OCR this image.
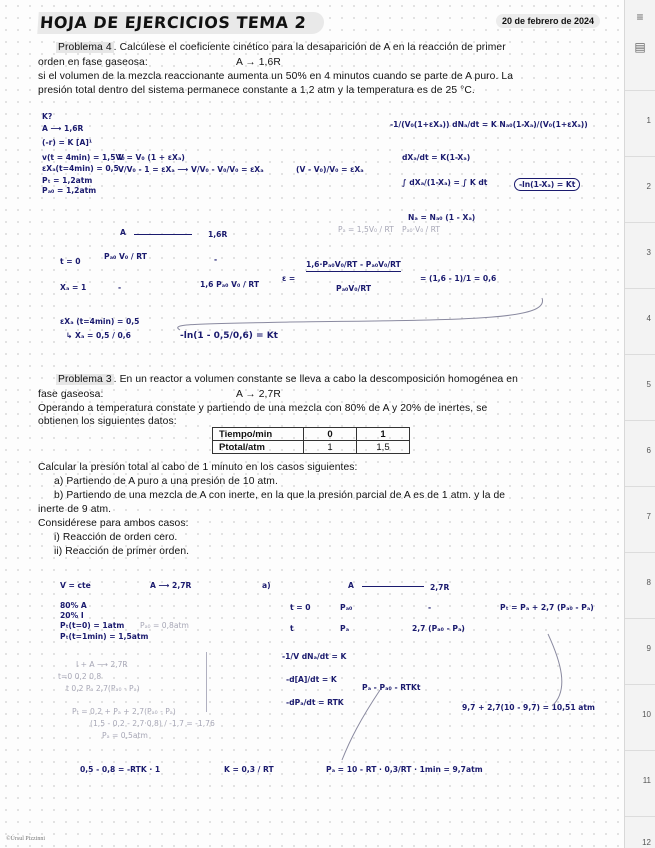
HOJA DE EJERCICIOS TEMA 2	20 de febrero de 2024
Problema 4 . Calcúlese el coeficiente cinético para la desaparición de A en la reacción de primer
orden en fase gaseosa:	A → 1,6R
si el volumen de la mezcla reaccionante aumenta un 50% en 4 minutos cuando se parte de A puro. La
presión total dentro del sistema permanece constante a 1,2 atm y la temperatura es de 25 °C.
K?
A ⟶ 1,6R
(-r) = K [A]¹
v(t = 4min) = 1,5V₀
εXₐ(t=4min) = 0,5
Pₜ = 1,2atm
Pₐ₀ = 1,2atm
V = V₀ (1 + εXₐ)
V/V₀ - 1 = εXₐ ⟶ V/V₀ - V₀/V₀ = εXₐ	(V - V₀)/V₀ = εXₐ
-1/(V₀(1+εXₐ)) dNₐ/dt = K Nₐ₀(1-Xₐ)/(V₀(1+εXₐ))
dXₐ/dt = K(1-Xₐ)
∫ dXₐ/(1-Xₐ) = ∫ K dt	-ln(1-Xₐ) = Kt
Nₐ = Nₐ₀ (1 - Xₐ)
Pₐ = 1,5V₀ / RT Pₐ₀·V₀ / RT
A	1,6R
t = 0
Pₐ₀ V₀ / RT	-
Xₐ = 1	-	1,6 Pₐ₀ V₀ / RT
ε =
1,6·Pₐ₀V₀/RT - Pₐ₀V₀/RT
Pₐ₀V₀/RT
= (1,6 - 1)/1 = 0,6
εXₐ (t=4min) = 0,5
↳ Xₐ = 0,5 / 0,6	-ln(1 - 0,5/0,6) = Kt
Problema 3 . En un reactor a volumen constante se lleva a cabo la descomposición homogénea en
fase gaseosa:	A → 2,7R
Operando a temperatura constate y partiendo de una mezcla con 80% de A y 20% de inertes, se
obtienen los siguientes datos:
Tiempo/min	0	1
Ptotal/atm	1	1,5
Calcular la presión total al cabo de 1 minuto en los casos siguientes:
a) Partiendo de A puro a una presión de 10 atm.
b) Partiendo de una mezcla de A con inerte, en la que la presión parcial de A es de 1 atm. y la de
inerte de 9 atm.
Considérese para ambos casos:
i) Reacción de orden cero.
ii) Reacción de primer orden.
V = cte	A ⟶ 2,7R	a)
80% A
20% I
Pₜ(t=0) = 1atm Pₐ₀ = 0,8atm
Pₜ(t=1min) = 1,5atm
A	2,7R
t = 0	Pₐ₀	-
t	Pₐ	2,7 (Pₐ₀ - Pₐ)
Pₜ = Pₐ + 2,7 (Pₐ₀ - Pₐ)
I + A ⟶ 2,7R
t=0 0,2 0,8
t 0,2 Pₐ 2,7(Pₐ₀ - Pₐ)
Pₜ = 0,2 + Pₐ + 2,7(Pₐ₀ - Pₐ)
(1,5 - 0,2 - 2,7·0,8) / -1,7 = -1,76
Pₐ = 0,5atm
-1/V dNₐ/dt = K
-d[A]/dt = K
-dPₐ/dt = RTK
Pₐ - Pₐ₀ - RTKt
9,7 + 2,7(10 - 9,7) = 10,51 atm
0,5 - 0,8 = -RTK · 1	K = 0,3 / RT	Pₐ = 10 - RT · 0,3/RT · 1min = 9,7atm
©Úrsul Pizzinni
≡
▤
1
2
3
4
5
6
7
8
9
10
11
12
